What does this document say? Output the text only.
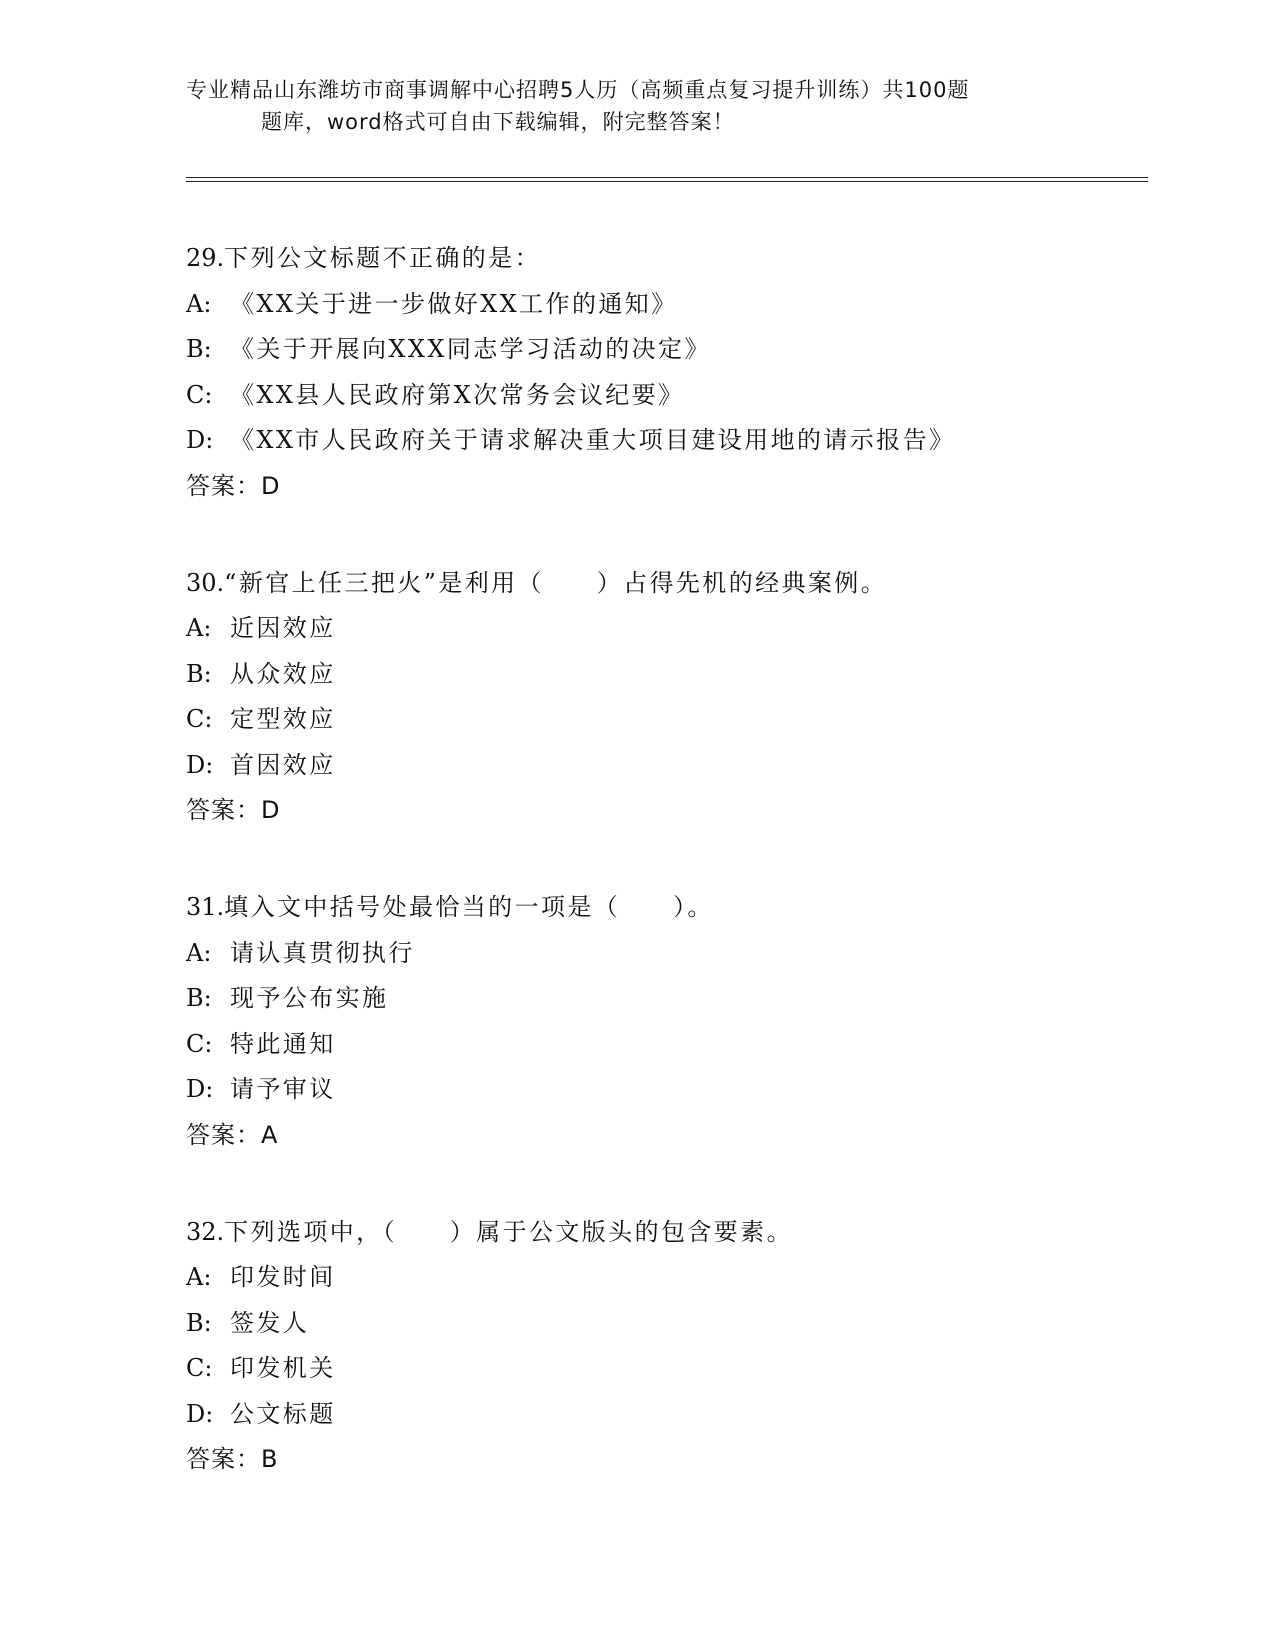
专业精品山东潍坊市商事调解中心招聘5人历（高频重点复习提升训练）共100题
题库，word格式可自由下载编辑，附完整答案！
29.下列公文标题不正确的是：
A: 《XX关于进一步做好XX工作的通知》
B: 《关于开展向XXX同志学习活动的决定》
C: 《XX县人民政府第X次常务会议纪要》
D: 《XX市人民政府关于请求解决重大项目建设用地的请示报告》
答案：D
30.“新官上任三把火”是利用（　　）占得先机的经典案例。
A: 近因效应
B: 从众效应
C: 定型效应
D: 首因效应
答案：D
31.填入文中括号处最恰当的一项是（　　）。
A: 请认真贯彻执行
B: 现予公布实施
C: 特此通知
D: 请予审议
答案：A
32.下列选项中，（　　）属于公文版头的包含要素。
A: 印发时间
B: 签发人
C: 印发机关
D: 公文标题
答案：B
